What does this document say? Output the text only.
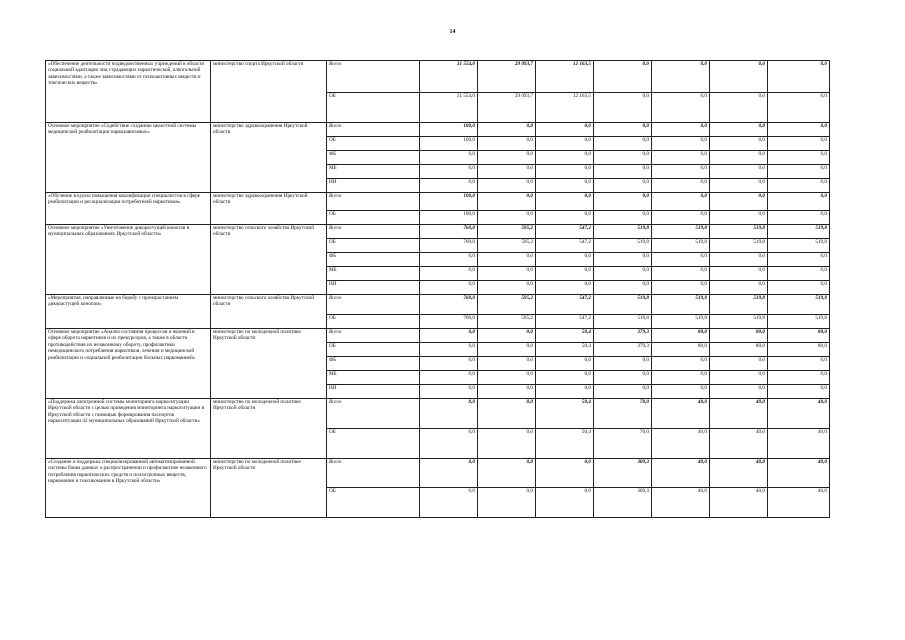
14
«Обеспечение деятельности подведомственных учреждений в области социальной адаптации лиц страдающих наркотической, алкогольной зависимостями, а также зависимостями от психоактивных веществ и токсических веществ»	министерство спорта Иркутской области	Всего	31 554,0	29 093,7	12 163,5	0,0	0,0	0,0	0,0
		ОБ	31 554,0	29 093,7	12 163,5	0,0	0,0	0,0	0,0
Основное мероприятие «Содействие созданию целостной системы медицинской реабилитации наркозависимых»	министерство здравоохранения Иркутской области	Всего	100,0	0,0	0,0	0,0	0,0	0,0	0,0
		ОБ	100,0	0,0	0,0	0,0	0,0	0,0	0,0
		ФБ	0,0	0,0	0,0	0,0	0,0	0,0	0,0
		МБ	0,0	0,0	0,0	0,0	0,0	0,0	0,0
		ИИ	0,0	0,0	0,0	0,0	0,0	0,0	0,0
«Обучение в курсы повышения квалификации специалистов в сфере реабилитации и ресоциализации потребителей наркотиков»	министерство здравоохранения Иркутской области	Всего	100,0	0,0	0,0	0,0	0,0	0,0	0,0
		ОБ	100,0	0,0	0,0	0,0	0,0	0,0	0,0
Основное мероприятие «Уничтожение дикорастущей конопли в муниципальных образованиях Иркутской области»	министерство сельского хозяйства Иркутской области	Всего	760,0	595,2	547,2	519,8	519,8	519,8	519,8
		ОБ	760,0	595,2	547,2	519,8	519,8	519,8	519,8
		ФБ	0,0	0,0	0,0	0,0	0,0	0,0	0,0
		МБ	0,0	0,0	0,0	0,0	0,0	0,0	0,0
		ИИ	0,0	0,0	0,0	0,0	0,0	0,0	0,0
«Мероприятия, направленные на борьбу с произрастанием дикорастущей конопли»	министерство сельского хозяйства Иркутской области	Всего	760,0	595,2	547,2	519,8	519,8	519,8	519,8
		ОБ	760,0	595,2	547,2	519,8	519,8	519,8	519,8
Основное мероприятие «Анализ состояния процессов и явлений в сфере оборота наркотиков и их прекурсоров, а также в области противодействия их незаконному обороту, профилактики немедицинского потребления наркотиков, лечения и медицинской реабилитации и социальной реабилитации больных наркоманией»	министерство по молодежной политике Иркутской области	Всего	0,0	0,0	50,4	379,3	80,0	80,0	80,0
		ОБ	0,0	0,0	50,4	379,3	80,0	80,0	80,0
		ФБ	0,0	0,0	0,0	0,0	0,0	0,0	0,0
		МБ	0,0	0,0	0,0	0,0	0,0	0,0	0,0
		ИИ	0,0	0,0	0,0	0,0	0,0	0,0	0,0
«Поддержка электронной системы мониторинга наркоситуации Иркутской области с целью проведения мониторинга наркоситуации в Иркутской области с помощью формирования паспортов наркоситуации 42 муниципальных образований Иркутской области»	министерство по молодежной политике Иркутской области	Всего	0,0	0,0	50,4	70,0	40,0	40,0	40,0
		ОБ	0,0	0,0	50,4	70,0	40,0	40,0	40,0
«Создание и поддержка специализированной автоматизированной системы банка данных о распространении и профилактике незаконного потребления наркотических средств и психотропных веществ, наркомании и токсикомании в Иркутской области»	министерство по молодежной политике Иркутской области	Всего	0,0	0,0	0,0	309,3	40,0	40,0	40,0
		ОБ	0,0	0,0	0,0	309,3	40,0	40,0	40,0
